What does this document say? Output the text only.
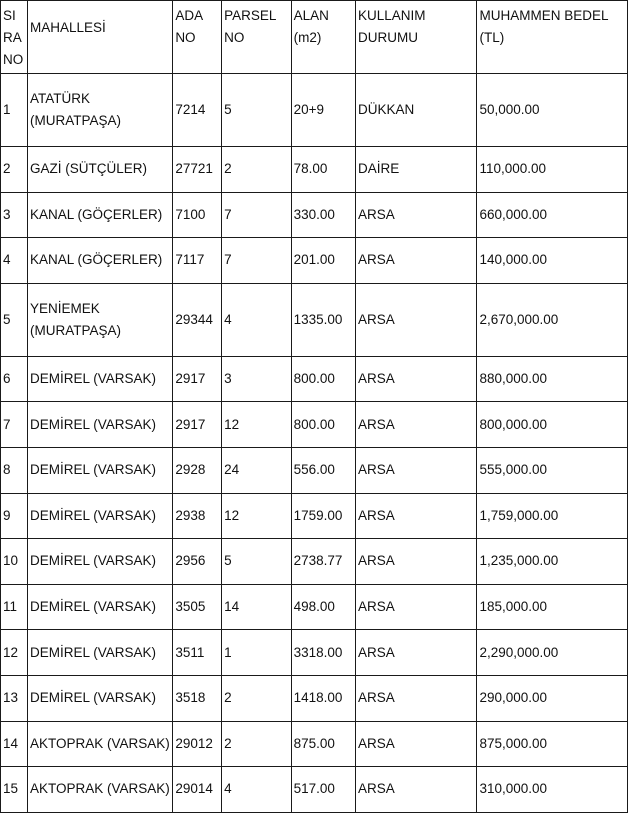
SIRA NO	MAHALLESİ	ADA NO	PARSEL NO	ALAN (m2)	KULLANIM DURUMU	MUHAMMEN BEDEL (TL)
1	ATATÜRK (MURATPAŞA)	7214	5	20+9	DÜKKAN	50,000.00
2	GAZİ (SÜTÇÜLER)	27721	2	78.00	DAİRE	110,000.00
3	KANAL (GÖÇERLER)	7100	7	330.00	ARSA	660,000.00
4	KANAL (GÖÇERLER)	7117	7	201.00	ARSA	140,000.00
5	YENİEMEK (MURATPAŞA)	29344	4	1335.00	ARSA	2,670,000.00
6	DEMİREL (VARSAK)	2917	3	800.00	ARSA	880,000.00
7	DEMİREL (VARSAK)	2917	12	800.00	ARSA	800,000.00
8	DEMİREL (VARSAK)	2928	24	556.00	ARSA	555,000.00
9	DEMİREL (VARSAK)	2938	12	1759.00	ARSA	1,759,000.00
10	DEMİREL (VARSAK)	2956	5	2738.77	ARSA	1,235,000.00
11	DEMİREL (VARSAK)	3505	14	498.00	ARSA	185,000.00
12	DEMİREL (VARSAK)	3511	1	3318.00	ARSA	2,290,000.00
13	DEMİREL (VARSAK)	3518	2	1418.00	ARSA	290,000.00
14	AKTOPRAK (VARSAK)	29012	2	875.00	ARSA	875,000.00
15	AKTOPRAK (VARSAK)	29014	4	517.00	ARSA	310,000.00
